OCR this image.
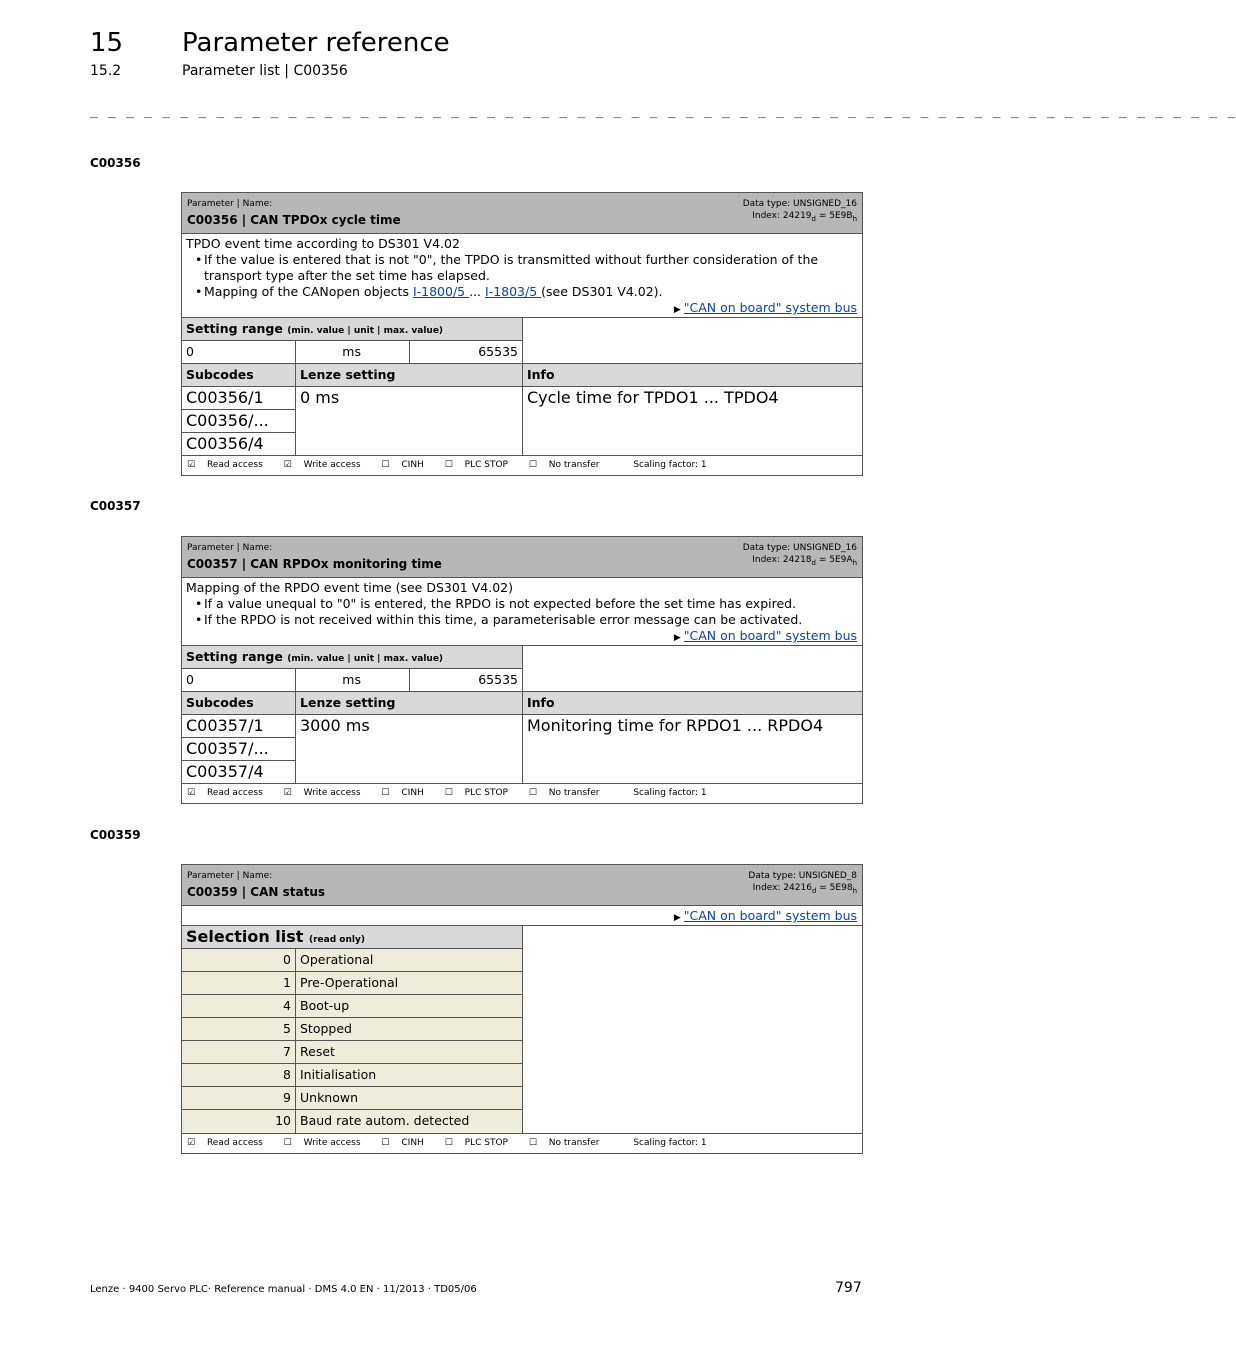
15 Parameter reference
15.2	Parameter list | C00356
_ _ _ _ _ _ _ _ _ _ _ _ _ _ _ _ _ _ _ _ _ _ _ _ _ _ _ _ _ _ _ _ _ _ _ _ _ _ _ _ _ _ _ _ _ _ _ _ _ _ _ _ _ _ _ _ _ _ _ _ _ _ _ _
C00356
Parameter | Name:
C00356 | CAN TPDOx cycle time
Data type: UNSIGNED_16
Index: $24219_d = 5E9B_h$
TPDO event time according to DS301 V4.02
• If the value is entered that is not "0", the TPDO is transmitted without further consideration of the transport type after the set time has elapsed.
• Mapping of the CANopen objects I-1800/5 ... I-1803/5 (see DS301 V4.02).
▶ "CAN on board" system bus
Setting range (min. value | unit | max. value)
0	ms	65535
Subcodes	Lenze setting	Info
C00356/1
C00356/...
C00356/4
0 ms	Cycle time for TPDO1 ... TPDO4
☑ Read access ☑ Write access ☐ CINH ☐ PLC STOP ☐ No transfer	Scaling factor: 1
C00357
Parameter | Name:
C00357 | CAN RPDOx monitoring time
Data type: UNSIGNED_16
Index: $24218_d = 5E9A_h$
Mapping of the RPDO event time (see DS301 V4.02)
• If a value unequal to "0" is entered, the RPDO is not expected before the set time has expired.
• If the RPDO is not received within this time, a parameterisable error message can be activated.
▶ "CAN on board" system bus
Setting range (min. value | unit | max. value)
0	ms	65535
Subcodes	Lenze setting	Info
C00357/1
C00357/...
C00357/4
3000 ms	Monitoring time for RPDO1 ... RPDO4
☑ Read access ☑ Write access ☐ CINH ☐ PLC STOP ☐ No transfer	Scaling factor: 1
C00359
Parameter | Name:
C00359 | CAN status
Data type: UNSIGNED_8
Index: $24216_d = 5E98_h$
▶ "CAN on board" system bus
Selection list (read only)
0 Operational
1 Pre-Operational
4 Boot-up
5 Stopped
7 Reset
8 Initialisation
9 Unknown
10 Baud rate autom. detected
☑ Read access ☐ Write access ☐ CINH ☐ PLC STOP ☐ No transfer	Scaling factor: 1
Lenze · 9400 Servo PLC· Reference manual · DMS 4.0 EN · 11/2013 · TD05/06	797
